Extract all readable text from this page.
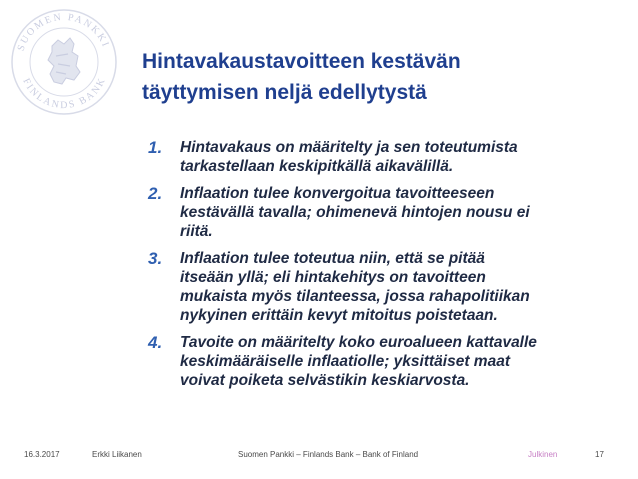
SUOMEN PANKKI
FINLANDS BANK
Hintavakaustavoitteen kestävän
täyttymisen neljä edellytystä
1.	Hintavakaus on määritelty ja sen toteutumista
tarkastellaan keskipitkällä aikavälillä.
2.	Inflaation tulee konvergoitua tavoitteeseen
kestävällä tavalla; ohimenevä hintojen nousu ei
riitä.
3.	Inflaation tulee toteutua niin, että se pitää
itseään yllä; eli hintakehitys on tavoitteen
mukaista myös tilanteessa, jossa rahapolitiikan
nykyinen erittäin kevyt mitoitus poistetaan.
4.	Tavoite on määritelty koko euroalueen kattavalle
keskimääräiselle inflaatiolle; yksittäiset maat
voivat poiketa selvästikin keskiarvosta.
16.3.2017	Erkki Liikanen	Suomen Pankki – Finlands Bank – Bank of Finland	Julkinen	17
